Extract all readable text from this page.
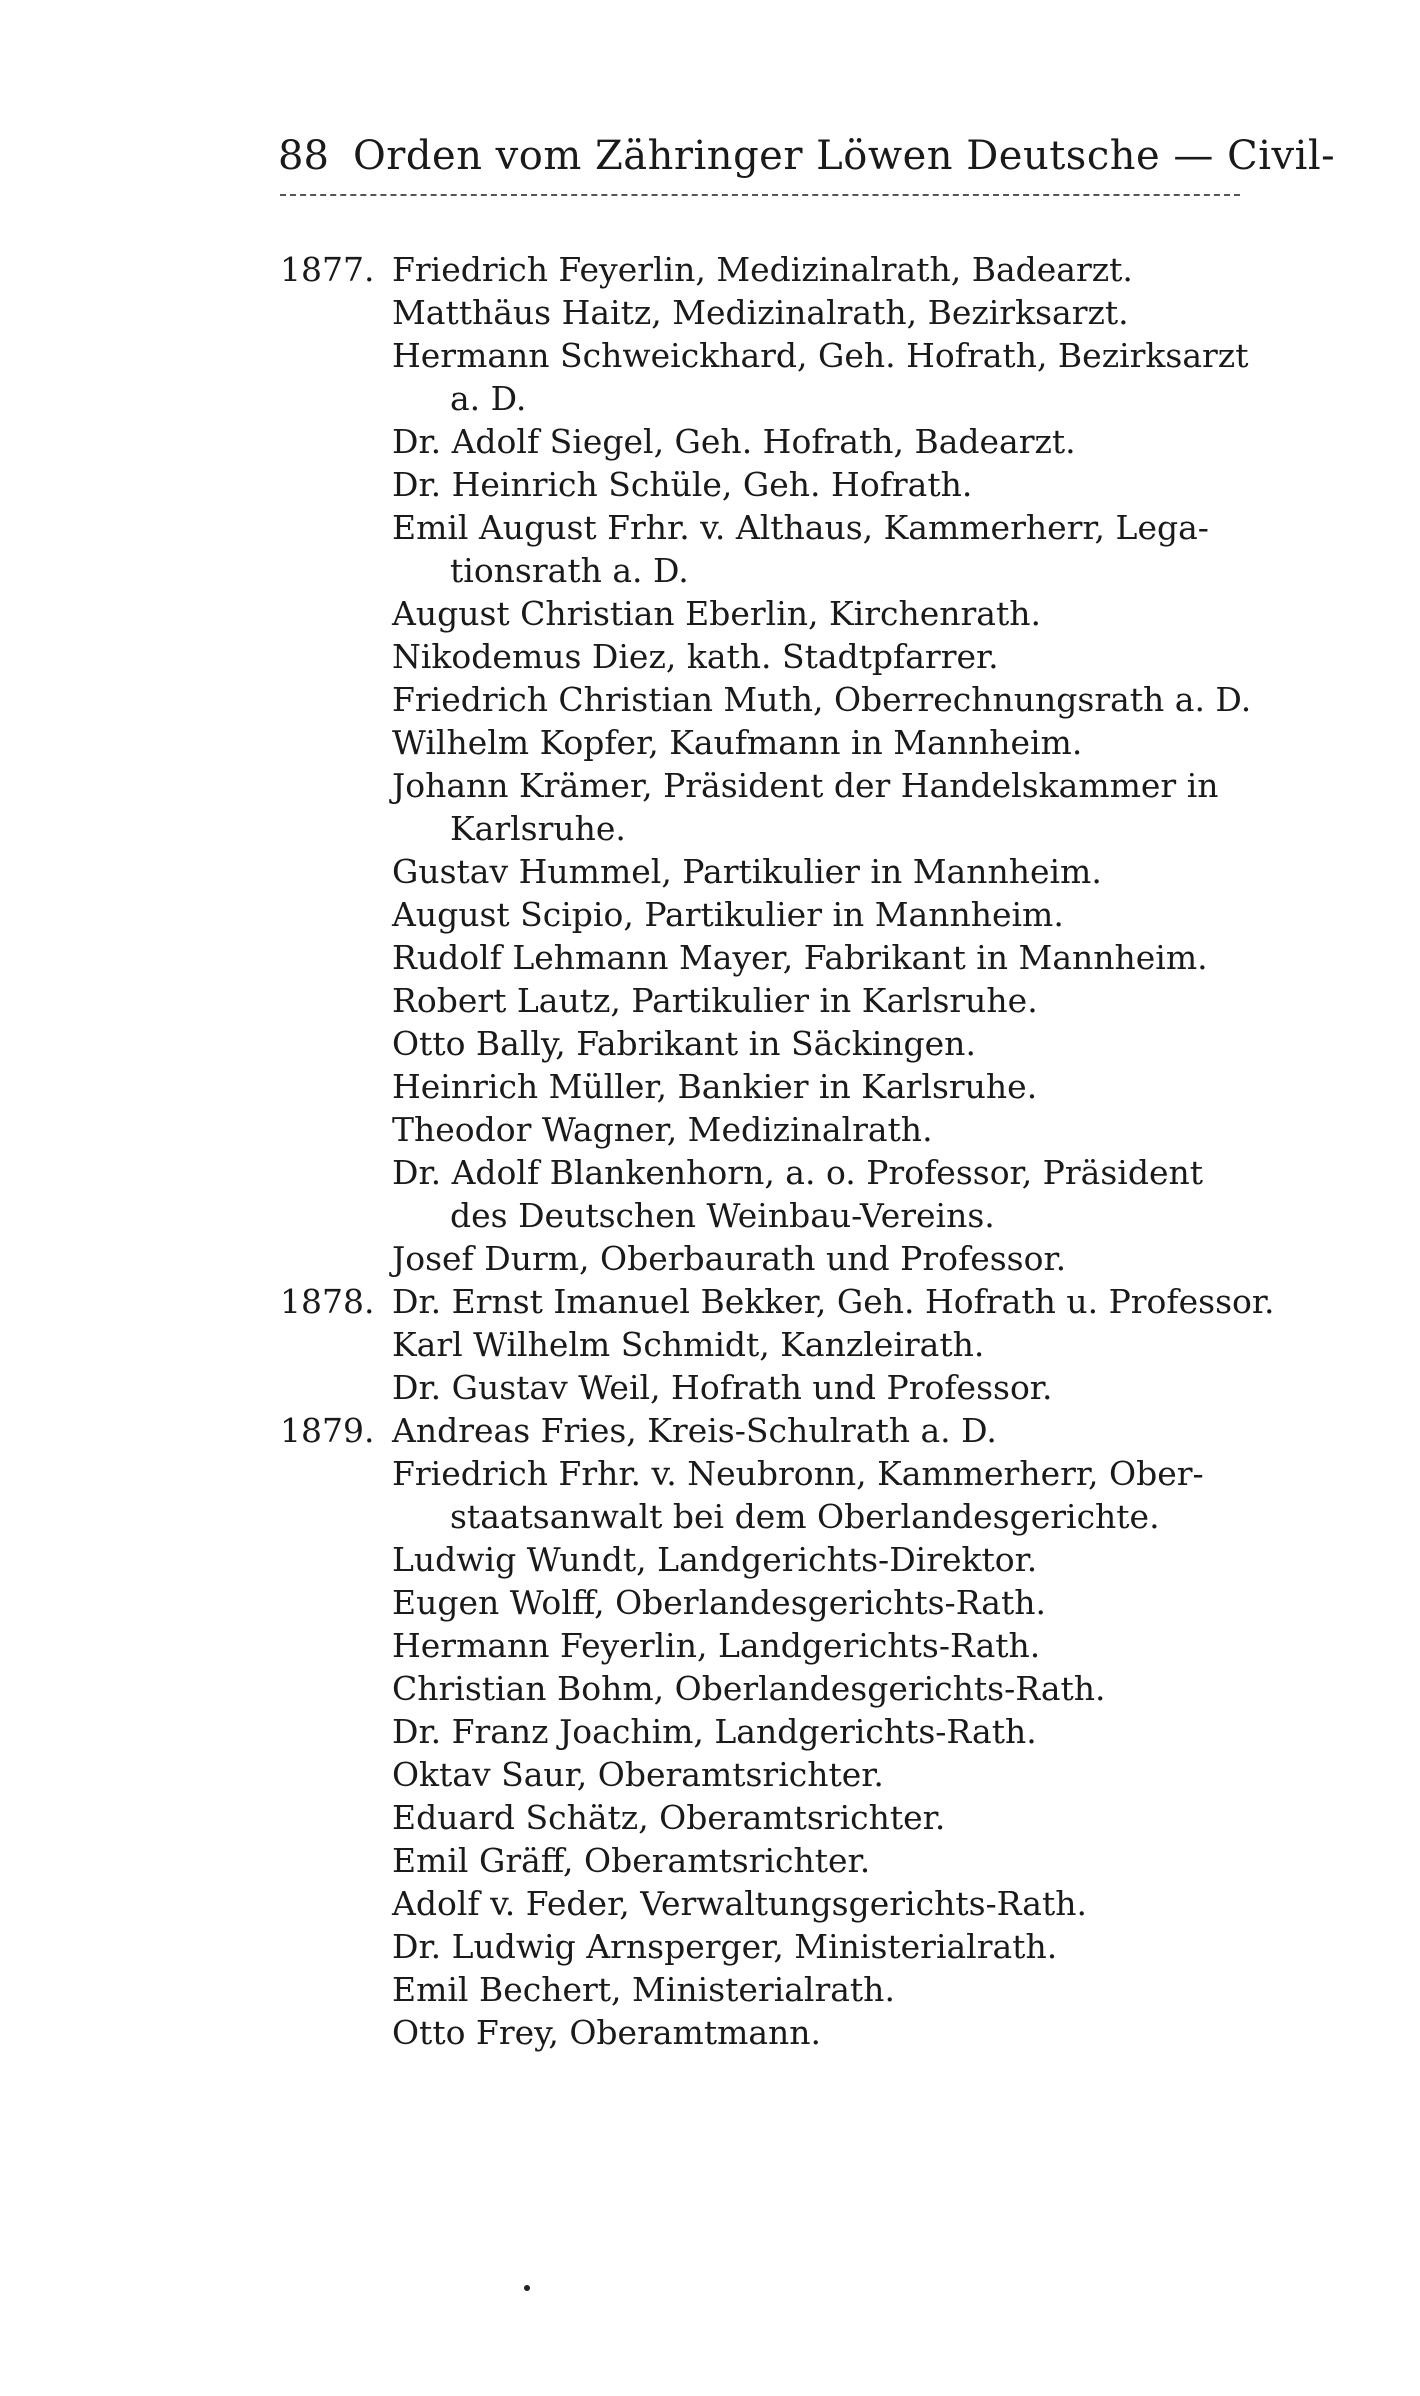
88 Orden vom Zähringer Löwen Deutsche — Civil-
1877. Friedrich Feyerlin, Medizinalrath, Badearzt.
Matthäus Haitz, Medizinalrath, Bezirksarzt.
Hermann Schweickhard, Geh. Hofrath, Bezirksarzt
a. D.
Dr. Adolf Siegel, Geh. Hofrath, Badearzt.
Dr. Heinrich Schüle, Geh. Hofrath.
Emil August Frhr. v. Althaus, Kammerherr, Lega-
tionsrath a. D.
August Christian Eberlin, Kirchenrath.
Nikodemus Diez, kath. Stadtpfarrer.
Friedrich Christian Muth, Oberrechnungsrath a. D.
Wilhelm Kopfer, Kaufmann in Mannheim.
Johann Krämer, Präsident der Handelskammer in
Karlsruhe.
Gustav Hummel, Partikulier in Mannheim.
August Scipio, Partikulier in Mannheim.
Rudolf Lehmann Mayer, Fabrikant in Mannheim.
Robert Lautz, Partikulier in Karlsruhe.
Otto Bally, Fabrikant in Säckingen.
Heinrich Müller, Bankier in Karlsruhe.
Theodor Wagner, Medizinalrath.
Dr. Adolf Blankenhorn, a. o. Professor, Präsident
des Deutschen Weinbau-Vereins.
Josef Durm, Oberbaurath und Professor.
1878. Dr. Ernst Imanuel Bekker, Geh. Hofrath u. Professor.
Karl Wilhelm Schmidt, Kanzleirath.
Dr. Gustav Weil, Hofrath und Professor.
1879. Andreas Fries, Kreis-Schulrath a. D.
Friedrich Frhr. v. Neubronn, Kammerherr, Ober-
staatsanwalt bei dem Oberlandesgerichte.
Ludwig Wundt, Landgerichts-Direktor.
Eugen Wolff, Oberlandesgerichts-Rath.
Hermann Feyerlin, Landgerichts-Rath.
Christian Bohm, Oberlandesgerichts-Rath.
Dr. Franz Joachim, Landgerichts-Rath.
Oktav Saur, Oberamtsrichter.
Eduard Schätz, Oberamtsrichter.
Emil Gräff, Oberamtsrichter.
Adolf v. Feder, Verwaltungsgerichts-Rath.
Dr. Ludwig Arnsperger, Ministerialrath.
Emil Bechert, Ministerialrath.
Otto Frey, Oberamtmann.
